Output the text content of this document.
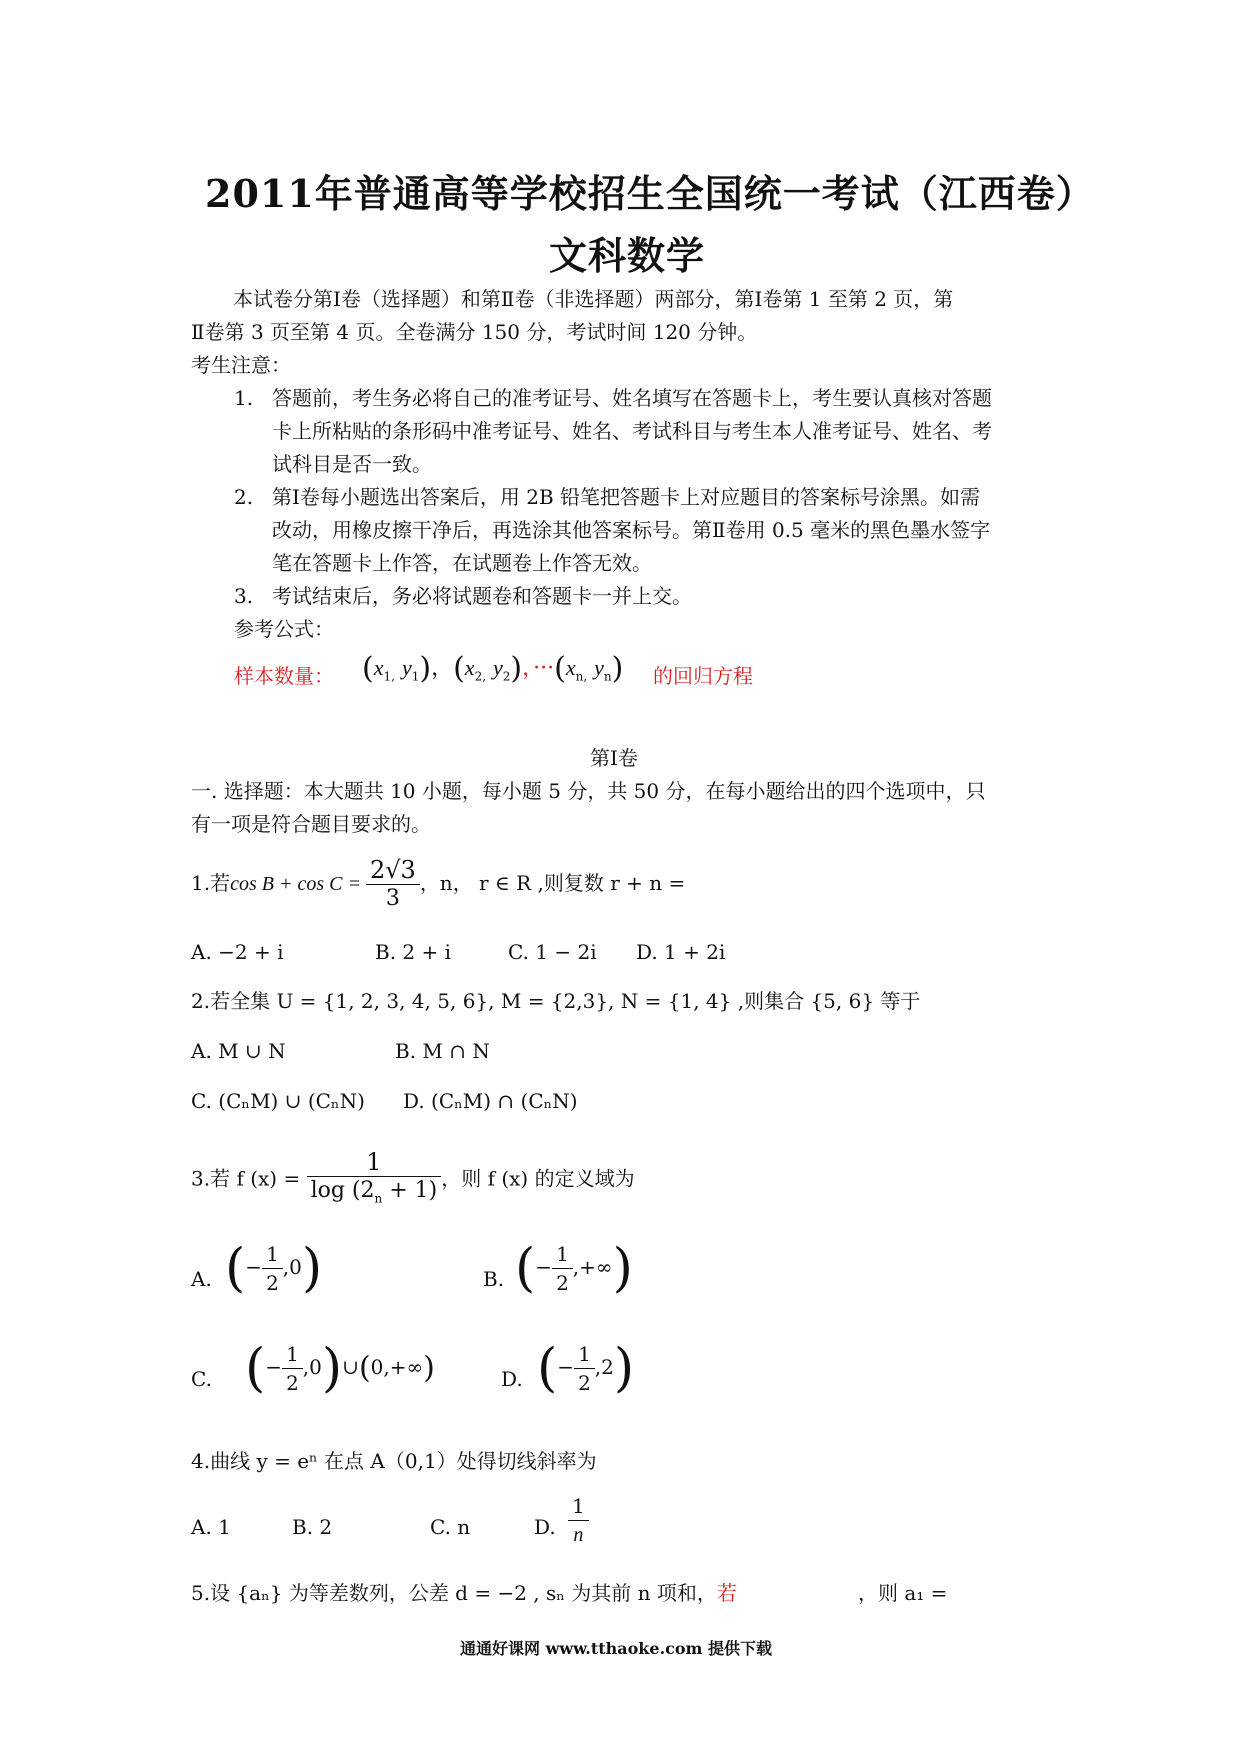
2011年普通高等学校招生全国统一考试（江西卷）
文科数学
本试卷分第Ⅰ卷（选择题）和第Ⅱ卷（非选择题）两部分，第Ⅰ卷第 1 至第 2 页，第
Ⅱ卷第 3 页至第 4 页。全卷满分 150 分，考试时间 120 分钟。
考生注意：
1. 答题前，考生务必将自己的准考证号、姓名填写在答题卡上，考生要认真核对答题
卡上所粘贴的条形码中准考证号、姓名、考试科目与考生本人准考证号、姓名、考
试科目是否一致。
2. 第Ⅰ卷每小题选出答案后，用 2B 铅笔把答题卡上对应题目的答案标号涂黑。如需
改动，用橡皮擦干净后，再选涂其他答案标号。第Ⅱ卷用 0.5 毫米的黑色墨水签字
笔在答题卡上作答，在试题卷上作答无效。
3. 考试结束后，务必将试题卷和答题卡一并上交。
参考公式：
样本数量： ($x_{1,}$ $y_1$)，($x_{2,}$ $y_2$)，$\cdot\cdot\cdot(x_{n,}$ $y_n$) 的回归方程
第Ⅰ卷
一. 选择题：本大题共 10 小题，每小题 5 分，共 50 分，在每小题给出的四个选项中，只
有一项是符合题目要求的。
1.若$\cos B + \cos C = \frac{2√3}{3}$ ，n， r ∈ R ,则复数 r + n =
A. −2 + i	B. 2 + i	C. 1 − 2i D. 1 + 2i
2.若全集 U = {1, 2, 3, 4, 5, 6}, M = {2,3}, N = {1, 4} ,则集合 {5, 6} 等于
A. M ∪ N	B. M ∩ N
C. (CₙM) ∪ (CₙN) D. (CₙM) ∩ (CₙN)
3.若 f $(x) = \frac{1}{\log (2_n + 1)}$ ，则 f (x) 的定义域为
A. (− $\frac{1}{2} ,0$)	B. (− $\frac{1}{2}$ ,+∞)
C. (− $\frac{1}{2}$ ,0)∪(0,+∞)	D. (− $\frac{1}{2} ,2$)
4.曲线 y = eⁿ 在点 A（0,1）处得切线斜率为
A. 1	B. 2	C. n	D. $\frac{1}{n}$
5.设 {aₙ} 为等差数列，公差 d = −2 , sₙ 为其前 n 项和，若	，则 a₁ =
通通好课网 www.tthaoke.com 提供下载
